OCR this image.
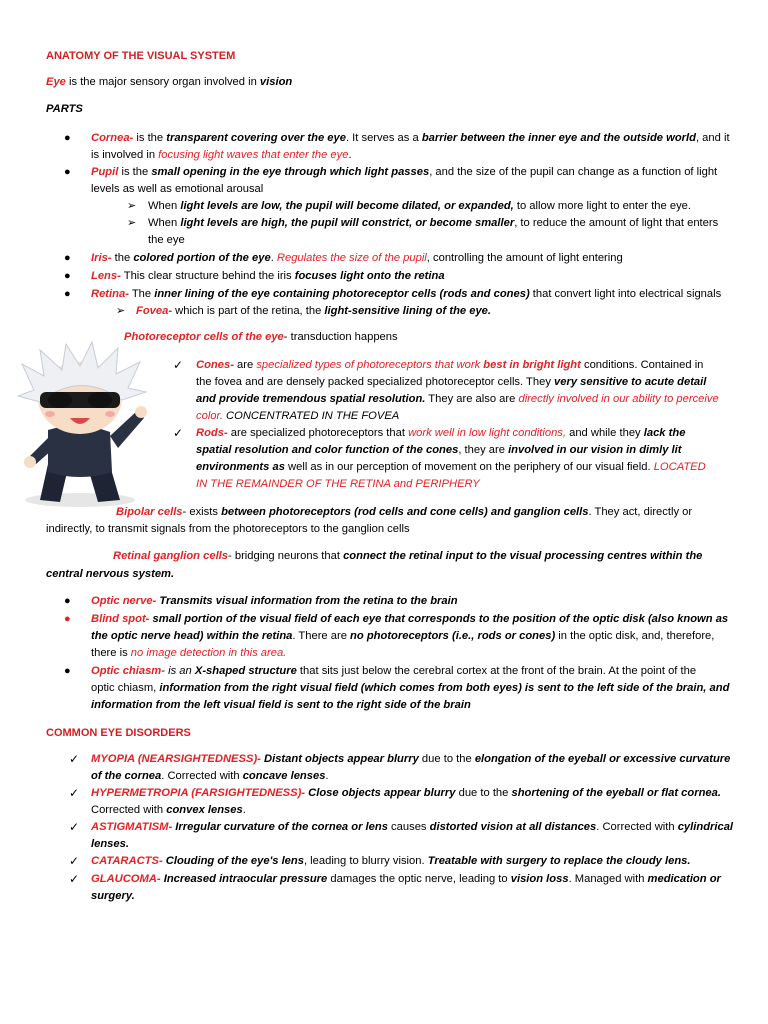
ANATOMY OF THE VISUAL SYSTEM
Eye is the major sensory organ involved in vision
PARTS
● Cornea- is the transparent covering over the eye. It serves as a barrier between the inner eye and the outside world, and it
is involved in focusing light waves that enter the eye.
● Pupil is the small opening in the eye through which light passes, and the size of the pupil can change as a function of light
levels as well as emotional arousal
➢ When light levels are low, the pupil will become dilated, or expanded, to allow more light to enter the eye.
➢ When light levels are high, the pupil will constrict, or become smaller, to reduce the amount of light that enters
the eye
● Iris- the colored portion of the eye. Regulates the size of the pupil, controlling the amount of light entering
● Lens- This clear structure behind the iris focuses light onto the retina
● Retina- The inner lining of the eye containing photoreceptor cells (rods and cones) that convert light into electrical signals
➢ Fovea- which is part of the retina, the light-sensitive lining of the eye.
Photoreceptor cells of the eye- transduction happens
✓ Cones- are specialized types of photoreceptors that work best in bright light conditions. Contained in
the fovea and are densely packed specialized photoreceptor cells. They very sensitive to acute detail
and provide tremendous spatial resolution. They are also are directly involved in our ability to perceive
color. CONCENTRATED IN THE FOVEA
✓ Rods- are specialized photoreceptors that work well in low light conditions, and while they lack the
spatial resolution and color function of the cones, they are involved in our vision in dimly lit
environments as well as in our perception of movement on the periphery of our visual field. LOCATED
IN THE REMAINDER OF THE RETINA and PERIPHERY
Bipolar cells- exists between photoreceptors (rod cells and cone cells) and ganglion cells. They act, directly or
indirectly, to transmit signals from the photoreceptors to the ganglion cells
Retinal ganglion cells- bridging neurons that connect the retinal input to the visual processing centres within the
central nervous system.
● Optic nerve- Transmits visual information from the retina to the brain
● Blind spot- small portion of the visual field of each eye that corresponds to the position of the optic disk (also known as
the optic nerve head) within the retina. There are no photoreceptors (i.e., rods or cones) in the optic disk, and, therefore,
there is no image detection in this area.
● Optic chiasm- is an X-shaped structure that sits just below the cerebral cortex at the front of the brain. At the point of the
optic chiasm, information from the right visual field (which comes from both eyes) is sent to the left side of the brain, and
information from the left visual field is sent to the right side of the brain
COMMON EYE DISORDERS
✓ MYOPIA (NEARSIGHTEDNESS)- Distant objects appear blurry due to the elongation of the eyeball or excessive curvature
of the cornea. Corrected with concave lenses.
✓ HYPERMETROPIA (FARSIGHTEDNESS)- Close objects appear blurry due to the shortening of the eyeball or flat cornea.
Corrected with convex lenses.
✓ ASTIGMATISM- Irregular curvature of the cornea or lens causes distorted vision at all distances. Corrected with cylindrical
lenses.
✓ CATARACTS- Clouding of the eye's lens, leading to blurry vision. Treatable with surgery to replace the cloudy lens.
✓ GLAUCOMA- Increased intraocular pressure damages the optic nerve, leading to vision loss. Managed with medication or
surgery.
